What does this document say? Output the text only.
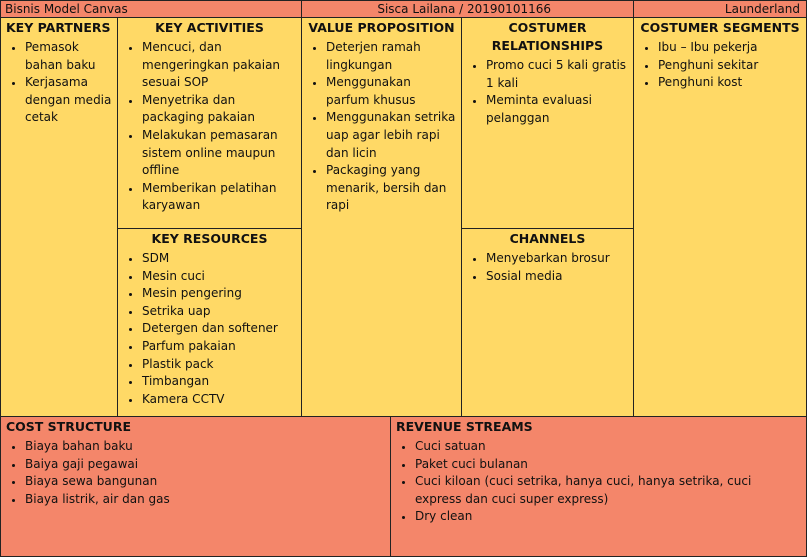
Bisnis Model Canvas	Sisca Lailana / 20190101166	Launderland
KEY PARTNERS
• Pemasok bahan baku
• Kerjasama dengan media cetak
KEY ACTIVITIES
• Mencuci, dan mengeringkan pakaian sesuai SOP
• Menyetrika dan packaging pakaian
• Melakukan pemasaran sistem online maupun offline
• Memberikan pelatihan karyawan
KEY RESOURCES
• SDM
• Mesin cuci
• Mesin pengering
• Setrika uap
• Detergen dan softener
• Parfum pakaian
• Plastik pack
• Timbangan
• Kamera CCTV
VALUE PROPOSITION
• Deterjen ramah lingkungan
• Menggunakan parfum khusus
• Menggunakan setrika uap agar lebih rapi dan licin
• Packaging yang menarik, bersih dan rapi
COSTUMER RELATIONSHIPS
• Promo cuci 5 kali gratis 1 kali
• Meminta evaluasi pelanggan
CHANNELS
• Menyebarkan brosur
• Sosial media
COSTUMER SEGMENTS
• Ibu – Ibu pekerja
• Penghuni sekitar
• Penghuni kost
COST STRUCTURE
• Biaya bahan baku
• Baiya gaji pegawai
• Biaya sewa bangunan
• Biaya listrik, air dan gas
REVENUE STREAMS
• Cuci satuan
• Paket cuci bulanan
• Cuci kiloan (cuci setrika, hanya cuci, hanya setrika, cuci express dan cuci super express)
• Dry clean
